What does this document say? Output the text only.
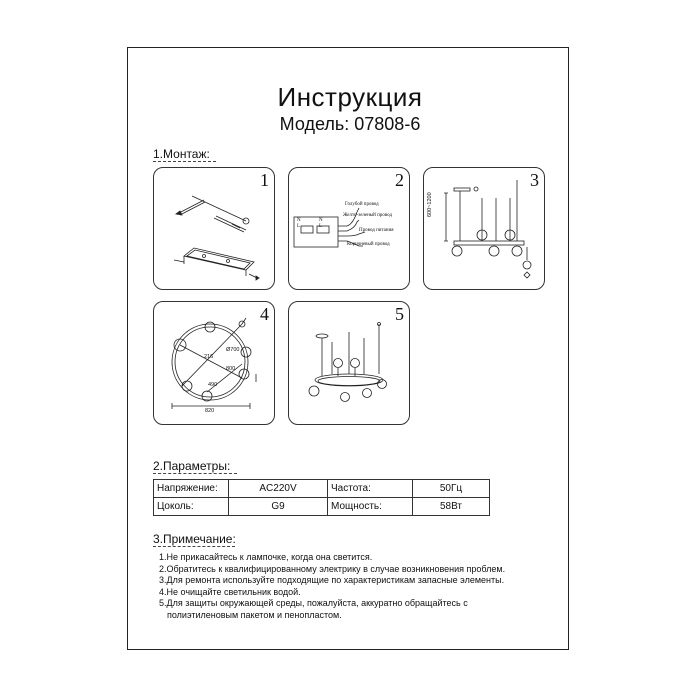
Инструкция
Модель: 07808-6
1.Монтаж:
1	2
N
L
N
L
Голубой провод
Желто-зеленый провод
Провод питания
Коричневый провод
3
600~1200
4
Ø700
216
800
490
820
5
2.Параметры:
Напряжение:	AC220V	Частота:	50Гц
Цоколь:	G9	Мощность:	58Вт
3.Примечание:
1.Не прикасайтесь к лампочке, когда она светится.
2.Обратитесь к квалифицированному электрику в случае возникновения проблем.
3.Для ремонта используйте подходящие по характеристикам запасные элементы.
4.Не очищайте светильник водой.
5.Для защиты окружающей среды, пожалуйста, аккуратно обращайтесь с
полиэтиленовым пакетом и пенопластом.
